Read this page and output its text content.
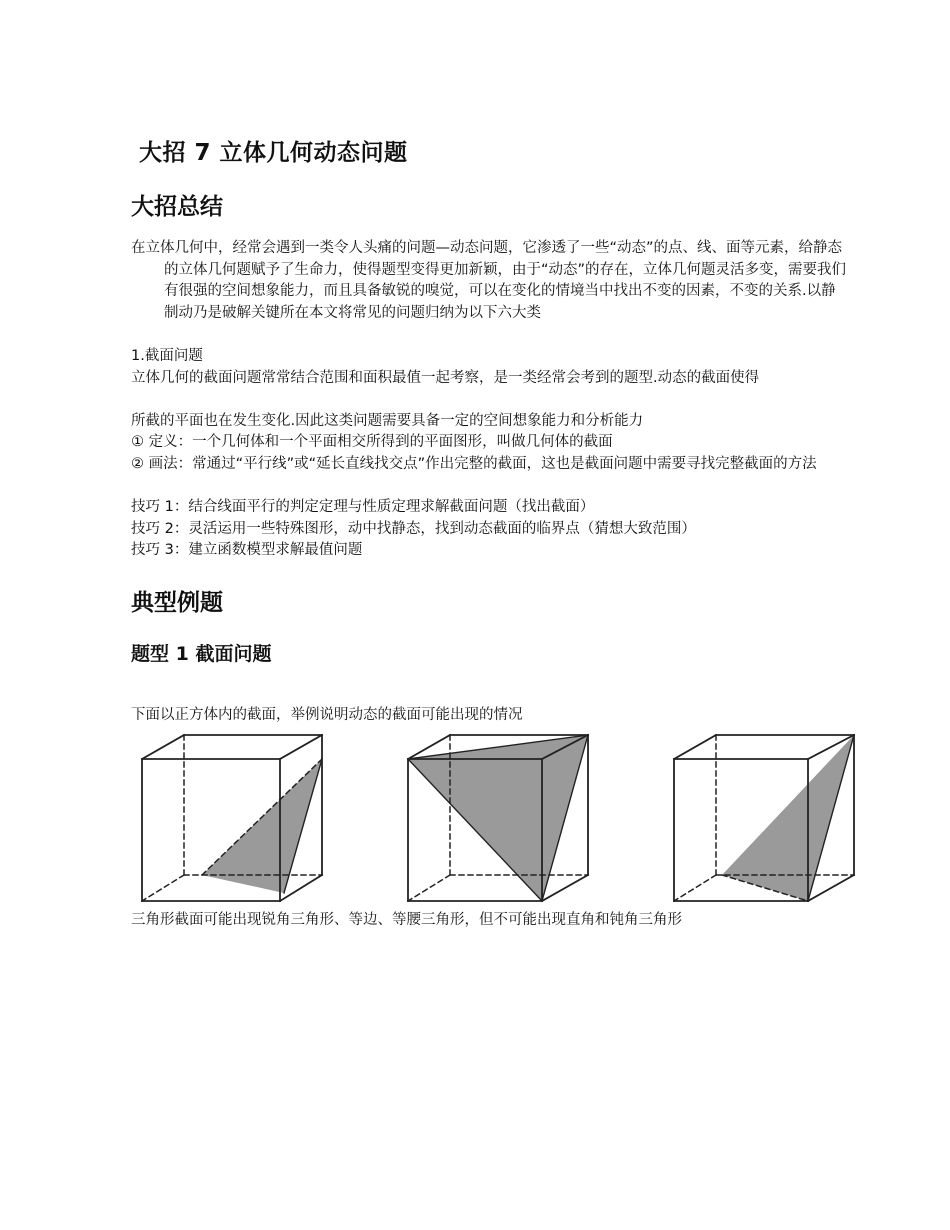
大招 7 立体几何动态问题
大招总结

在立体几何中，经常会遇到一类令人头痛的问题—动态问题，它渗透了一些“动态”的点、线、面等元素，给静态的立体几何题赋予了生命力，使得题型变得更加新颖，由于“动态”的存在，立体几何题灵活多变，需要我们有很强的空间想象能力，而且具备敏锐的嗅觉，可以在变化的情境当中找出不变的因素，不变的关系.以静制动乃是破解关键所在本文将常见的问题归纳为以下六大类

1.截面问题

立体几何的截面问题常常结合范围和面积最值一起考察，是一类经常会考到的题型.动态的截面使得

所截的平面也在发生变化.因此这类问题需要具备一定的空间想象能力和分析能力
① 定义：一个几何体和一个平面相交所得到的平面图形，叫做几何体的截面

② 画法：常通过“平行线”或“延长直线找交点”作出完整的截面，这也是截面问题中需要寻找完整截面的方法

技巧 1：结合线面平行的判定定理与性质定理求解截面问题（找出截面）
技巧 2：灵活运用一些特殊图形，动中找静态，找到动态截面的临界点（猜想大致范围）
技巧 3：建立函数模型求解最值问题
典型例题
题型 1 截面问题
下面以正方体内的截面，举例说明动态的截面可能出现的情况
三角形截面可能出现锐角三角形、等边、等腰三角形，但不可能出现直角和钝角三角形
